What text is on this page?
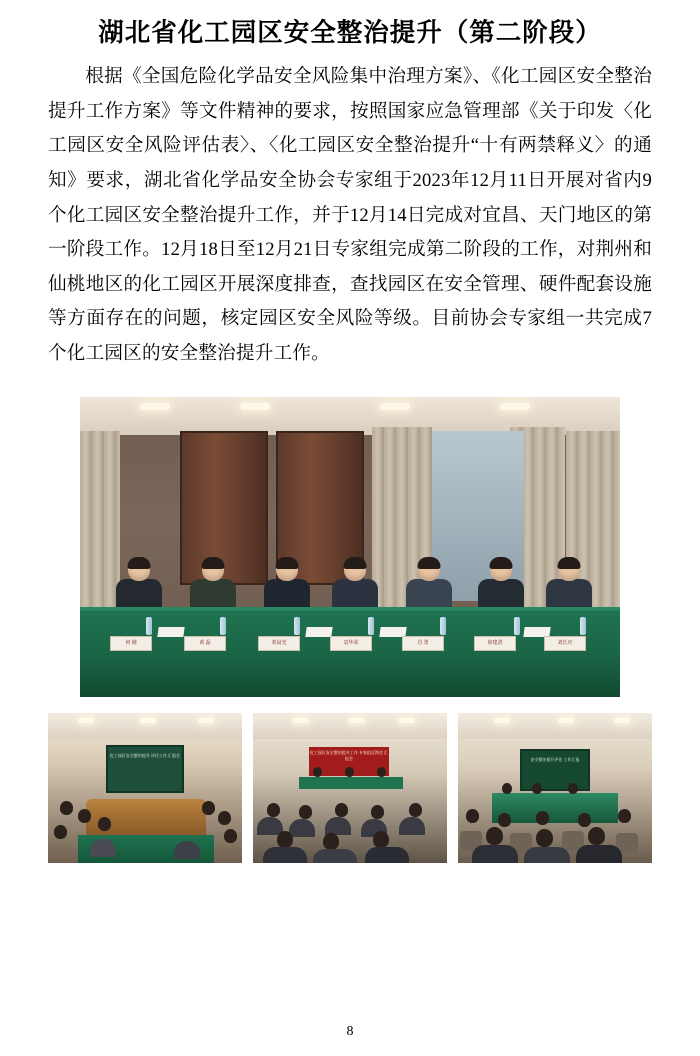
湖北省化工园区安全整治提升（第二阶段）

根据《全国危险化学品安全风险集中治理方案》、《化工园区安全整治提升工作方案》等文件精神的要求，按照国家应急管理部《关于印发〈化工园区安全风险评估表〉、〈化工园区安全整治提升“十有两禁释义〉的通知》要求，湖北省化学品安全协会专家组于2023年12月11日开展对省内9个化工园区安全整治提升工作，并于12月14日完成对宜昌、天门地区的第一阶段工作。12月18日至12月21日专家组完成第二阶段的工作，对荆州和仙桃地区的化工园区开展深度排查，查找园区在安全管理、硬件配套设施等方面存在的问题，核定园区安全风险等级。目前协会专家组一共完成7个化工园区的安全整治提升工作。

何 刚	黄 磊	邓晨光	袁华荣	肖 勇	徐建清	刘长庆
化工园区安全整治提升 评估工作 汇报会
化工园区安全整治提升工作 专家组反馈会 汇报会	安全整治提升评估 工作汇报
8
